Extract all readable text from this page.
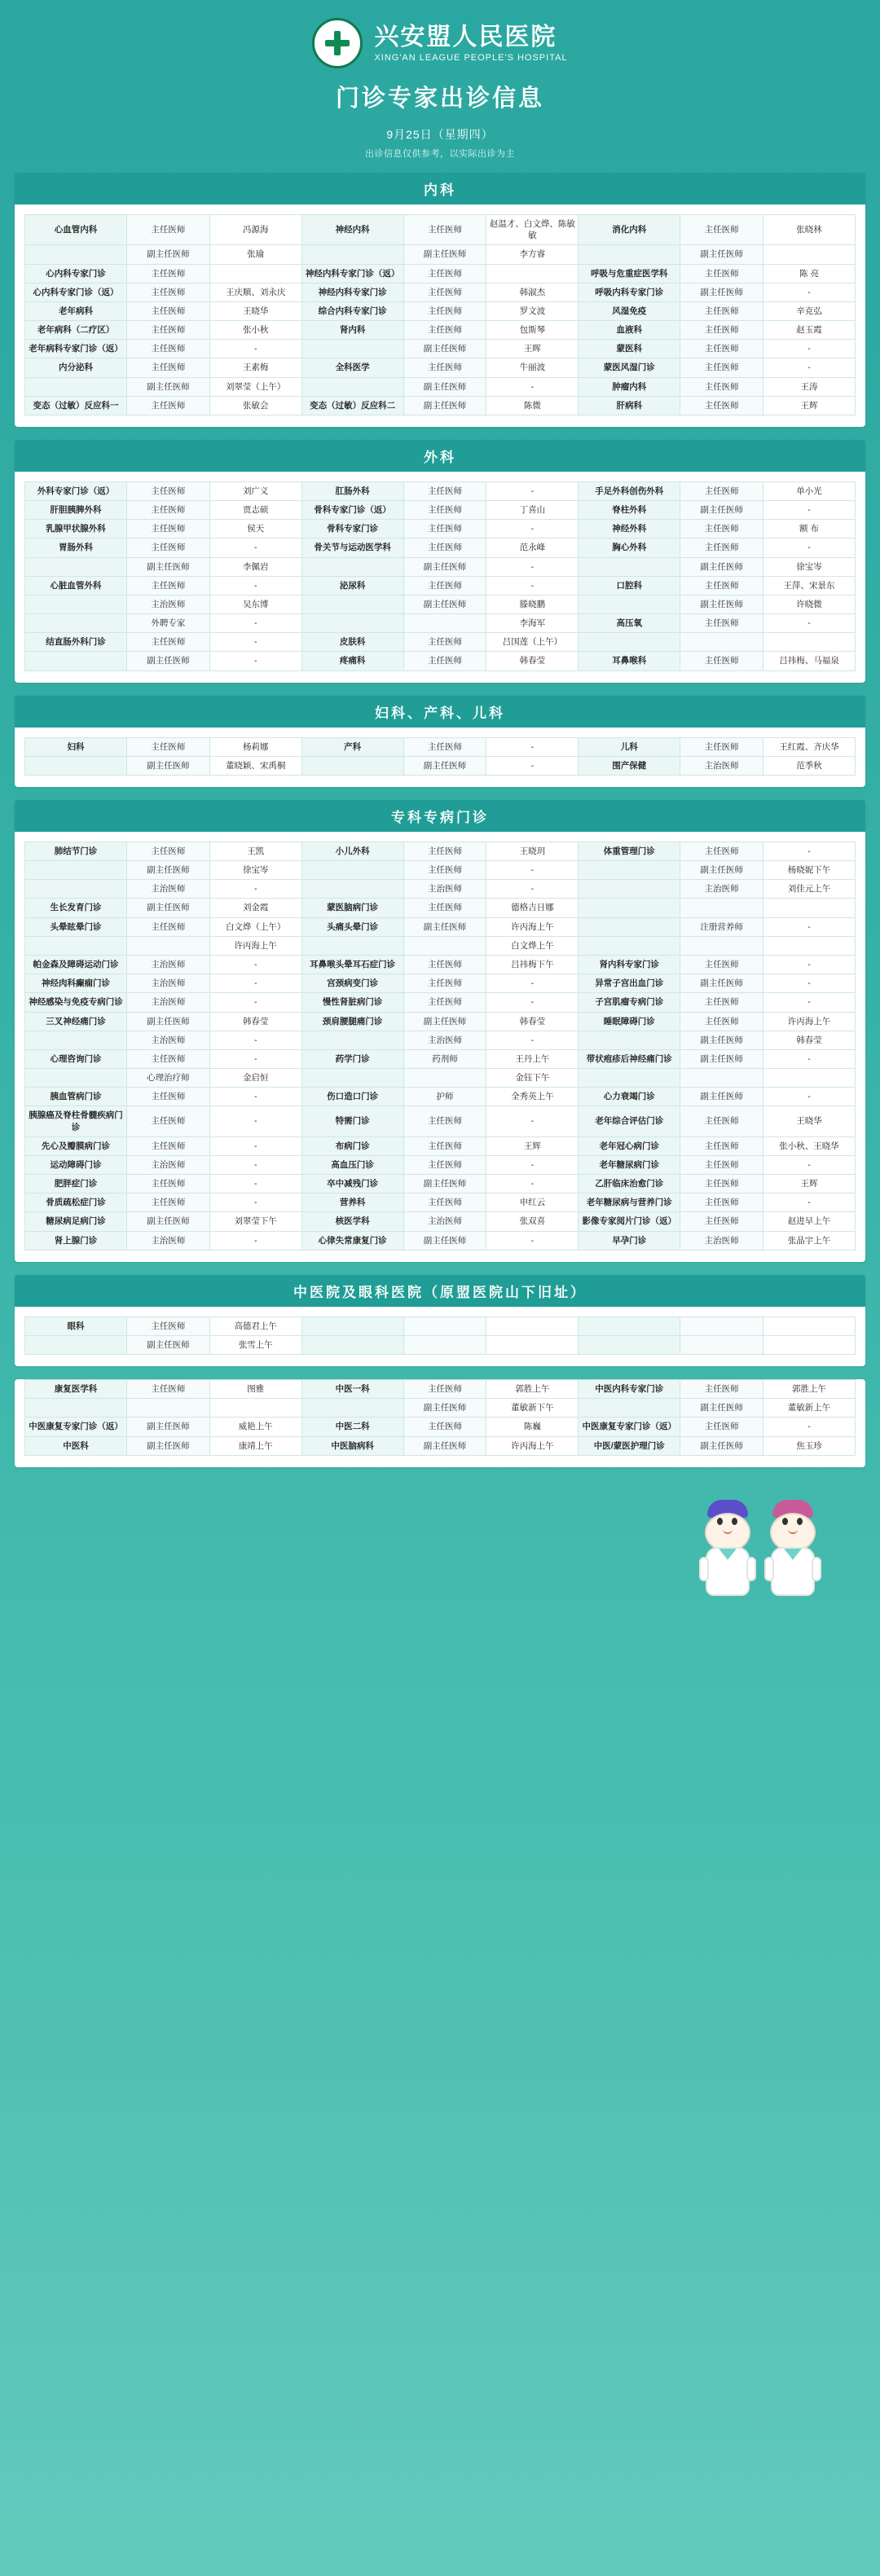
兴安盟人民医院
XING'AN LEAGUE PEOPLE'S HOSPITAL
门诊专家出诊信息
9月25日（星期四）
出诊信息仅供参考，以实际出诊为主
内科
心血管内科	主任医师	冯源海	神经内科	主任医师	赵温才、白文烨、陈敏敏	消化内科	主任医师	张晓林
	副主任医师	张瑜		副主任医师	李方睿		副主任医师	
心内科专家门诊	主任医师		神经内科专家门诊（返）	主任医师		呼吸与危重症医学科	主任医师	陈 亮
心内科专家门诊（返）	主任医师	王庆顺、刘永庆	神经内科专家门诊	主任医师	韩淑杰	呼吸内科专家门诊	副主任医师	-
老年病科	主任医师	王晓华	综合内科专家门诊	主任医师	罗文波	风湿免疫	主任医师	辛克弘
老年病科（二疗区）	主任医师	张小秋	肾内科	主任医师	包斯琴	血液科	主任医师	赵玉霞
老年病科专家门诊（返）	主任医师	-		副主任医师	王晖	蒙医科	主任医师	-
内分泌科	主任医师	王素梅	全科医学	主任医师	牛丽波	蒙医风湿门诊	主任医师	-
	副主任医师	刘翠莹（上午）		副主任医师	-	肿瘤内科	主任医师	王涛
变态（过敏）反应科一	主任医师	张敏会	变态（过敏）反应科二	副主任医师	陈微	肝病科	主任医师	王辉
外科
外科专家门诊（返）	主任医师	刘广义	肛肠外科	主任医师	-	手足外科创伤外科	主任医师	单小光
肝胆胰脾外科	主任医师	贾志硕	骨科专家门诊（返）	主任医师	丁喜山	脊柱外科	副主任医师	-
乳腺甲状腺外科	主任医师	侯天	骨科专家门诊	主任医师	-	神经外科	主任医师	额 布
胃肠外科	主任医师	-	骨关节与运动医学科	主任医师	范永峰	胸心外科	主任医师	-
	副主任医师	李佩岩		副主任医师	-		副主任医师	徐宝岑
心脏血管外科	主任医师	-	泌尿科	主任医师	-	口腔科	主任医师	王萍、宋景东
	主治医师	吴东博		副主任医师	滕晓鹏		副主任医师	许晓微
	外聘专家	-			李海军	高压氧	主任医师	-
结直肠外科门诊	主任医师	-	皮肤科	主任医师	吕国莲（上午）			
	副主任医师	-	疼痛科	主任医师	韩春莹	耳鼻喉科	主任医师	吕祎梅、马福泉
妇科、产科、儿科
妇科	主任医师	杨莉娜	产科	主任医师	-	儿科	主任医师	王红霞、齐庆华
	副主任医师	董晓颖、宋禹桐		副主任医师	-	围产保健	主治医师	范季秋
专科专病门诊
肺结节门诊	主任医师	王凯	小儿外科	主任医师	王晓玥	体重管理门诊	主任医师	-
	副主任医师	徐宝岑		主任医师	-		副主任医师	杨晓妮下午
	主治医师	-		主治医师	-		主治医师	刘佳元上午
生长发育门诊	副主任医师	刘金霞	蒙医脑病门诊	主任医师	德格吉日娜			
头晕眩晕门诊	主任医师	白文烨（上午）	头痛头晕门诊	副主任医师	许丙海上午		注册营养师	-
		许丙海上午			白文烨上午			
帕金森及障碍运动门诊	主治医师	-	耳鼻喉头晕耳石症门诊	主任医师	吕祎梅下午	肾内科专家门诊	主任医师	-
神经肉科癫痫门诊	主治医师	-	宫颈病变门诊	主任医师	-	异常子宫出血门诊	副主任医师	-
神经感染与免疫专病门诊	主治医师	-	慢性肾脏病门诊	主任医师	-	子宫肌瘤专病门诊	主任医师	-
三叉神经痛门诊	副主任医师	韩春莹	颈肩腰腿痛门诊	副主任医师	韩春莹	睡眠障碍门诊	主任医师	许丙海上午
	主治医师	-		主治医师	-		副主任医师	韩春莹
心理咨询门诊	主任医师	-	药学门诊	药剂师	王丹上午	带状疱疹后神经痛门诊	副主任医师	-
	心理治疗师	金启恒			金钰下午			
胰血管病门诊	主任医师	-	伤口造口门诊	护师	全秀英上午	心力衰竭门诊	副主任医师	-
胰腺癌及脊柱骨髓疾病门诊	主任医师	-	特需门诊	主任医师	-	老年综合评估门诊	主任医师	王晓华
先心及瓣膜病门诊	主任医师	-	布病门诊	主任医师	王辉	老年冠心病门诊	主任医师	张小秋、王晓华
运动障碍门诊	主治医师	-	高血压门诊	主任医师	-	老年糖尿病门诊	主任医师	-
肥胖症门诊	主任医师	-	卒中减残门诊	副主任医师	-	乙肝临床治愈门诊	主任医师	王辉
骨质疏松症门诊	主任医师	-	营养科	主任医师	申红云	老年糖尿病与营养门诊	主任医师	-
糖尿病足病门诊	副主任医师	刘翠莹下午	核医学科	主治医师	张双喜	影像专家阅片门诊（返）	主任医师	赵进早上午
肾上腺门诊	主治医师	-	心律失常康复门诊	副主任医师	-	早孕门诊	主治医师	张晶宇上午
中医院及眼科医院（原盟医院山下旧址）
眼科	主任医师	高德君上午						
	副主任医师	张雪上午						
康复医学科	主任医师	图雅	中医一科	主任医师	郭胜上午	中医内科专家门诊	主任医师	郭胜上午
				副主任医师	董敏新下午		副主任医师	董敏新上午
中医康复专家门诊（返）	副主任医师	威艳上午	中医二科	主任医师	陈巍	中医康复专家门诊（返）	主任医师	-
中医科	副主任医师	康靖上午	中医脑病科	副主任医师	许丙海上午	中医/蒙医护理门诊	副主任医师	焦玉珍
